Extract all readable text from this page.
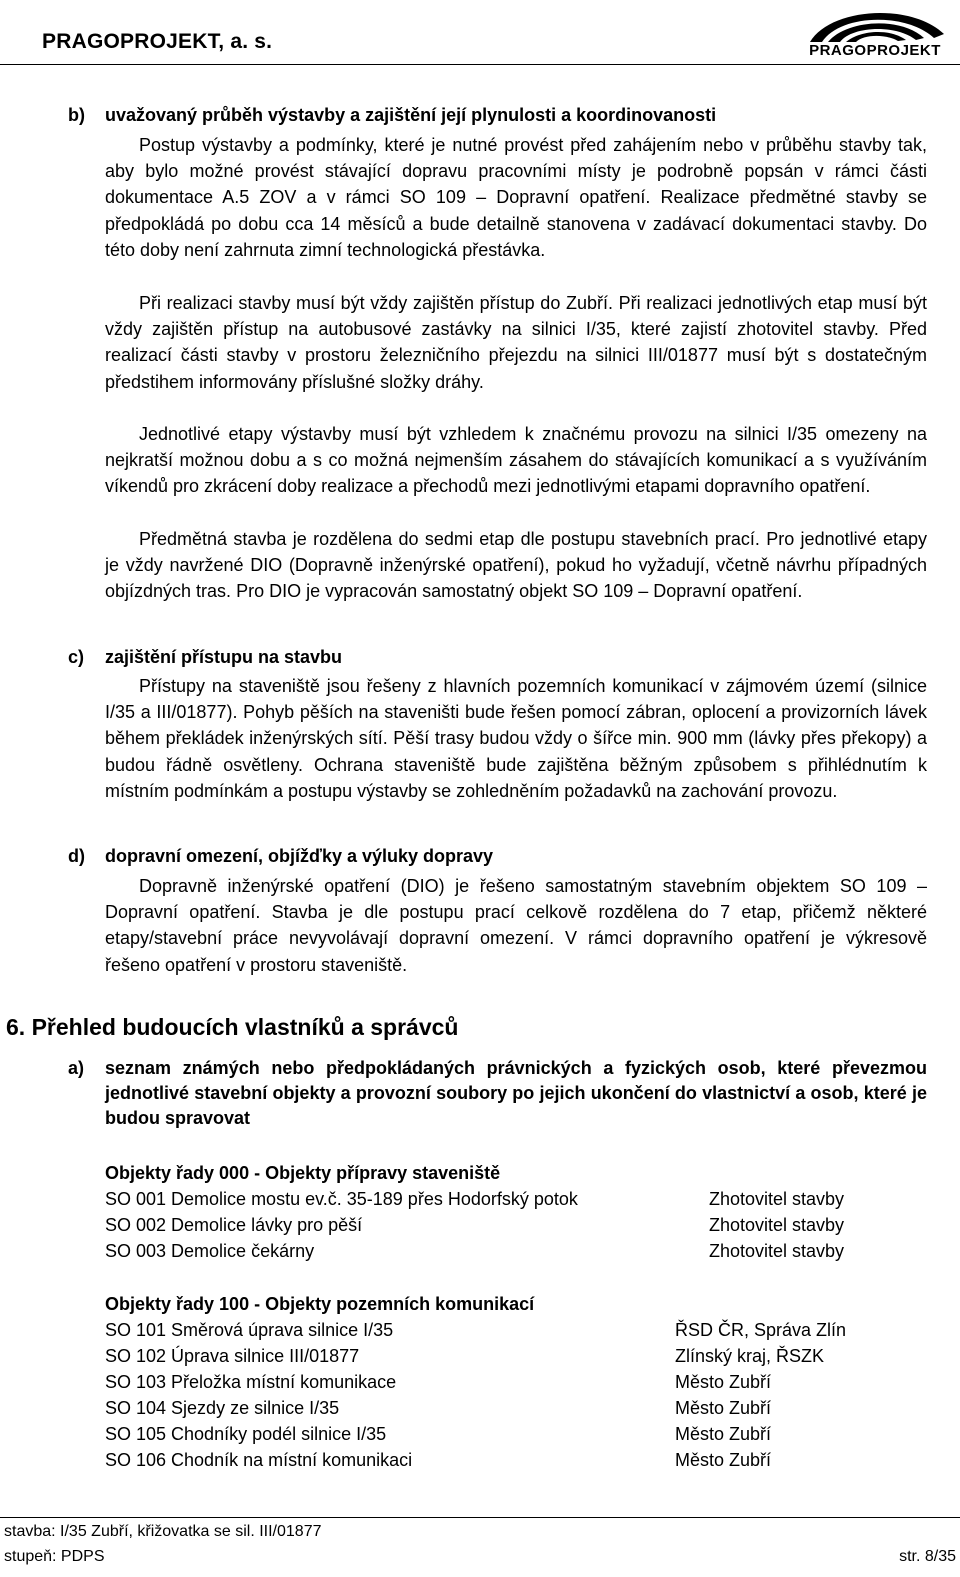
PRAGOPROJEKT, a. s.	PRAGOPROJEKT
b) uvažovaný průběh výstavby a zajištění její plynulosti a koordinovanosti
Postup výstavby a podmínky, které je nutné provést před zahájením nebo v průběhu stavby tak, aby bylo možné provést stávající dopravu pracovními místy je podrobně popsán v rámci části dokumentace A.5 ZOV a v rámci SO 109 – Dopravní opatření. Realizace předmětné stavby se předpokládá po dobu cca 14 měsíců a bude detailně stanovena v zadávací dokumentaci stavby. Do této doby není zahrnuta zimní technologická přestávka.
Při realizaci stavby musí být vždy zajištěn přístup do Zubří. Při realizaci jednotlivých etap musí být vždy zajištěn přístup na autobusové zastávky na silnici I/35, které zajistí zhotovitel stavby. Před realizací části stavby v prostoru železničního přejezdu na silnici III/01877 musí být s dostatečným předstihem informovány příslušné složky dráhy.
Jednotlivé etapy výstavby musí být vzhledem k značnému provozu na silnici I/35 omezeny na nejkratší možnou dobu a s co možná nejmenším zásahem do stávajících komunikací a s využíváním víkendů pro zkrácení doby realizace a přechodů mezi jednotlivými etapami dopravního opatření.
Předmětná stavba je rozdělena do sedmi etap dle postupu stavebních prací. Pro jednotlivé etapy je vždy navržené DIO (Dopravně inženýrské opatření), pokud ho vyžadují, včetně návrhu případných objízdných tras. Pro DIO je vypracován samostatný objekt SO 109 – Dopravní opatření.
c) zajištění přístupu na stavbu
Přístupy na staveniště jsou řešeny z hlavních pozemních komunikací v zájmovém území (silnice I/35 a III/01877). Pohyb pěších na staveništi bude řešen pomocí zábran, oplocení a provizorních lávek během překládek inženýrských sítí. Pěší trasy budou vždy o šířce min. 900 mm (lávky přes překopy) a budou řádně osvětleny. Ochrana staveniště bude zajištěna běžným způsobem s přihlédnutím k místním podmínkám a postupu výstavby se zohledněním požadavků na zachování provozu.
d) dopravní omezení, objížďky a výluky dopravy
Dopravně inženýrské opatření (DIO) je řešeno samostatným stavebním objektem SO 109 – Dopravní opatření. Stavba je dle postupu prací celkově rozdělena do 7 etap, přičemž některé etapy/stavební práce nevyvolávají dopravní omezení. V rámci dopravního opatření je výkresově řešeno opatření v prostoru staveniště.
6. Přehled budoucích vlastníků a správců
a) seznam známých nebo předpokládaných právnických a fyzických osob, které převezmou jednotlivé stavební objekty a provozní soubory po jejich ukončení do vlastnictví a osob, které je budou spravovat
Objekty řady 000 - Objekty přípravy staveniště
SO 001 Demolice mostu ev.č. 35-189 přes Hodorfský potok	Zhotovitel stavby
SO 002 Demolice lávky pro pěší	Zhotovitel stavby
SO 003 Demolice čekárny	Zhotovitel stavby
Objekty řady 100 - Objekty pozemních komunikací
SO 101 Směrová úprava silnice I/35	ŘSD ČR, Správa Zlín
SO 102 Úprava silnice III/01877	Zlínský kraj, ŘSZK
SO 103 Přeložka místní komunikace	Město Zubří
SO 104 Sjezdy ze silnice I/35	Město Zubří
SO 105 Chodníky podél silnice I/35	Město Zubří
SO 106 Chodník na místní komunikaci	Město Zubří
stavba: I/35 Zubří, křižovatka se sil. III/01877
stupeň: PDPS	str. 8/35
